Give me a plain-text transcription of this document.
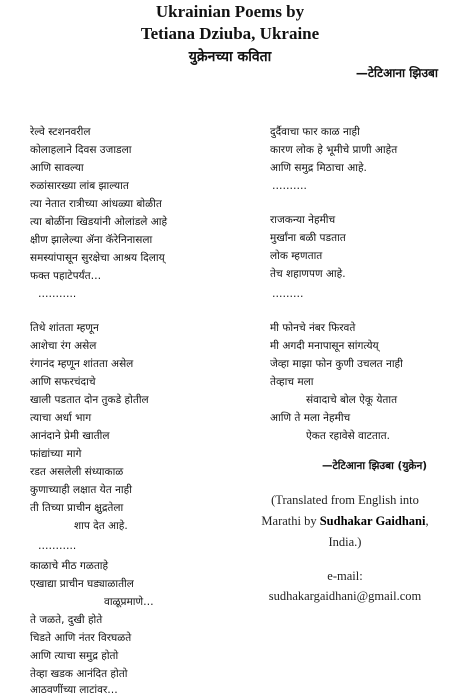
Ukrainian Poems by
Tetiana Dziuba, Ukraine
युक्रेनच्या कविता
—टेटिआना झिउबा
रेल्वे स्टशनवरील
कोलाहलाने दिवस उजाडला
आणि सावल्या
रुळांसारख्या लांब झाल्यात
त्या नेतात रात्रीच्या आंधळ्या बोळीत
त्या बोळींना खिडयांनी ओलांडले आहे
क्षीण झालेल्या ॲना कॅरेनिनासला
समस्यांपासून सुरक्षेचा आश्रय दिलाय्
फक्त पहाटेपर्यंत…
………..
तिथे शांतता म्हणून
आशेचा रंग असेल
रंगानंद म्हणून शांतता असेल
आणि सफरचंदाचे
खाली पडतात दोन तुकडे होतील
त्याचा अर्धा भाग
आनंदाने प्रेमी खातील
फांद्यांच्या मागे
रडत असलेली संध्याकाळ
कुणाच्याही लक्षात येत नाही
ती तिच्या प्राचीन क्षुद्रतेला
शाप देत आहे.
………..
काळाचे मीठ गळताहे
एखाद्या प्राचीन घड्याळातील
वाळूप्रमाणे…
ते जळते, दुखी होते
चिडते आणि नंतर विरघळते
आणि त्याचा समुद्र होतो
तेव्हा खडक आनंदित होतो
आठवणींच्या लाटांवर…
दुर्दैवाचा फार काळ नाही
कारण लोक हे भूमीचे प्राणी आहेत
आणि समुद्र मिठाचा आहे.
……….
राजकन्या नेहमीच
मुर्खांना बळी पडतात
लोक म्हणतात
तेच शहाणपण आहे.
………
मी फोनचे नंबर फिरवते
मी अगदी मनापासून सांगत्येय्
जेव्हा माझा फोन कुणी उचलत नाही
तेव्हाच मला
संवादाचे बोल ऐकू येतात
आणि ते मला नेहमीच
ऐकत रहावेसे वाटतात.
—टेटिआना झिउबा (युक्रेन)
(Translated from English into
Marathi by Sudhakar Gaidhani,
India.)
e-mail:
sudhakargaidhani@gmail.com
